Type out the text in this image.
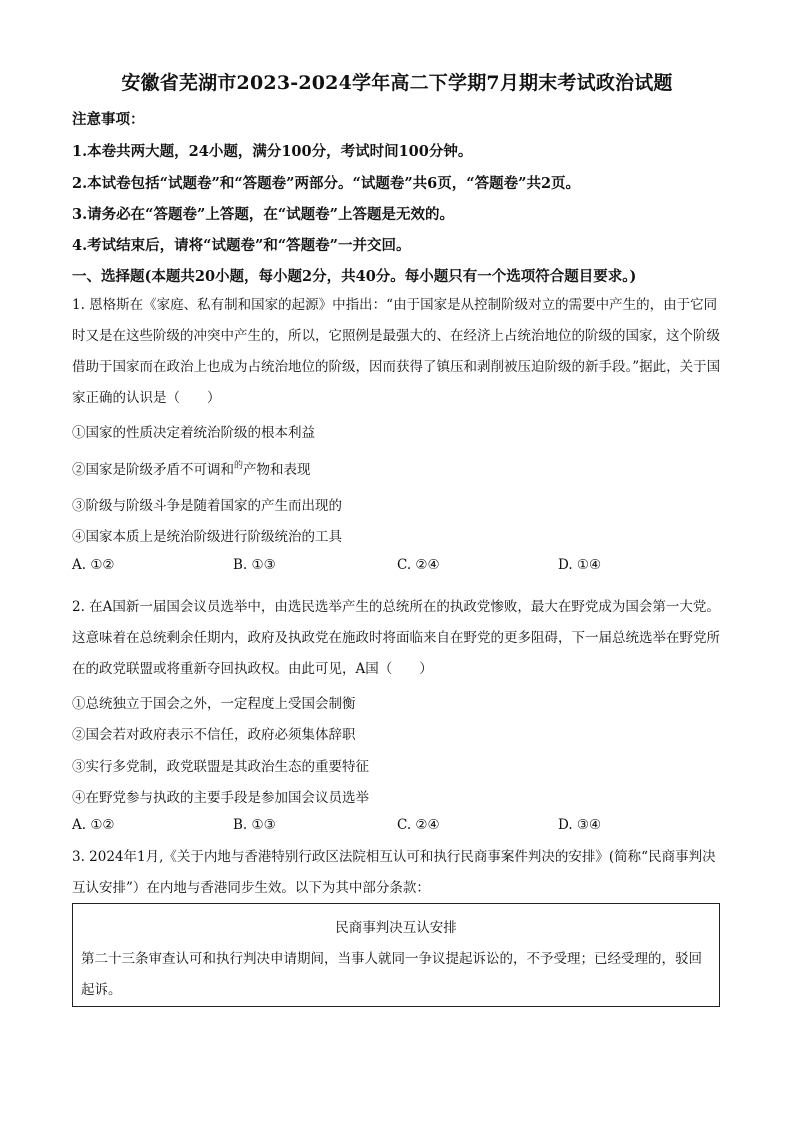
安徽省芜湖市2023-2024学年高二下学期7月期末考试政治试题
注意事项：
1.本卷共两大题，24小题，满分100分，考试时间100分钟。
2.本试卷包括“试题卷”和“答题卷”两部分。“试题卷”共6页，“答题卷”共2页。
3.请务必在“答题卷”上答题，在“试题卷”上答题是无效的。
4.考试结束后，请将“试题卷”和“答题卷”一并交回。
一、选择题(本题共20小题，每小题2分，共40分。每小题只有一个选项符合题目要求。)
1. 恩格斯在《家庭、私有制和国家的起源》中指出：“由于国家是从控制阶级对立的需要中产生的，由于它同时又是在这些阶级的冲突中产生的，所以，它照例是最强大的、在经济上占统治地位的阶级的国家，这个阶级借助于国家而在政治上也成为占统治地位的阶级，因而获得了镇压和剥削被压迫阶级的新手段。”据此，关于国家正确的认识是（　　）
①国家的性质决定着统治阶级的根本利益
②国家是阶级矛盾不可调和$^的$产物和表现
③阶级与阶级斗争是随着国家的产生而出现的
④国家本质上是统治阶级进行阶级统治的工具
A. ①②	B. ①③	C. ②④	D. ①④
2. 在A国新一届国会议员选举中，由选民选举产生的总统所在的执政党惨败，最大在野党成为国会第一大党。这意味着在总统剩余任期内，政府及执政党在施政时将面临来自在野党的更多阻碍，下一届总统选举在野党所在的政党联盟或将重新夺回执政权。由此可见，A国（　　）
①总统独立于国会之外，一定程度上受国会制衡
②国会若对政府表示不信任，政府必须集体辞职
③实行多党制，政党联盟是其政治生态的重要特征
④在野党参与执政的主要手段是参加国会议员选举
A. ①②	B. ①③	C. ②④	D. ③④
3. 2024年1月,《关于内地与香港特别行政区法院相互认可和执行民商事案件判决的安排》(简称“民商事判决互认安排”）在内地与香港同步生效。以下为其中部分条款：
民商事判决互认安排
第二十三条审查认可和执行判决申请期间，当事人就同一争议提起诉讼的，不予受理；已经受理的，驳回起诉。
